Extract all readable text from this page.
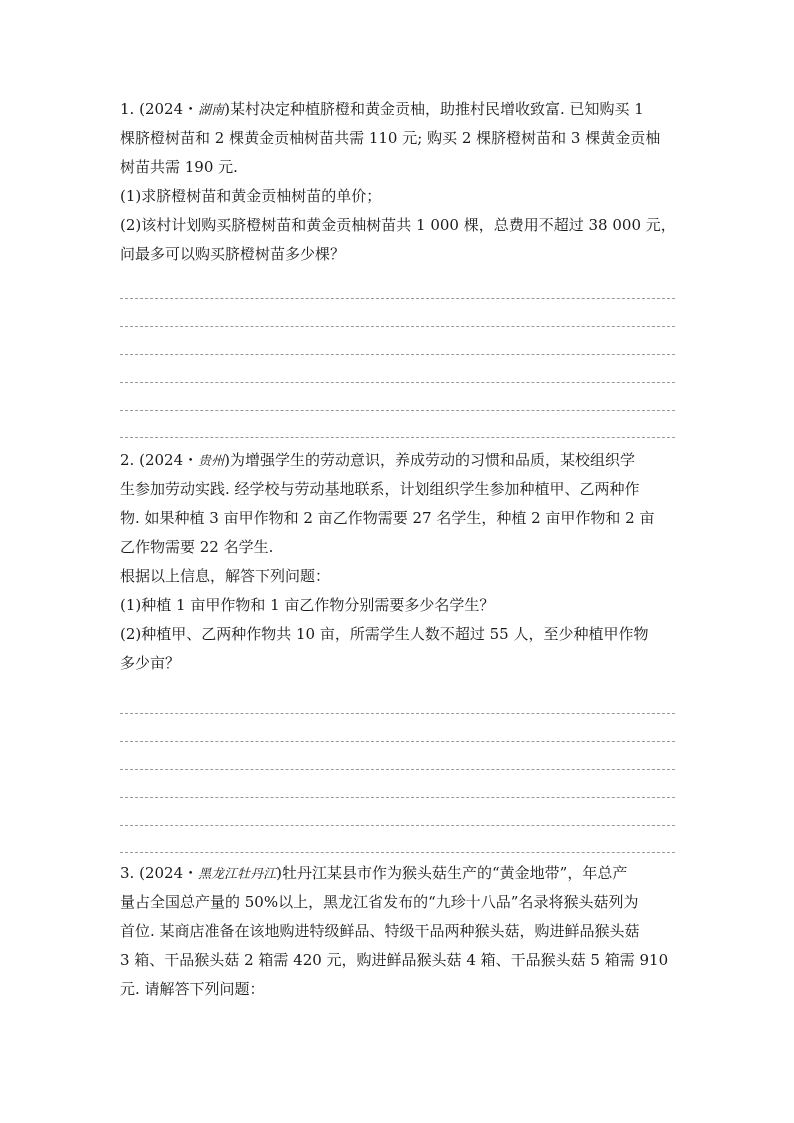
1. (2024・湖南)某村决定种植脐橙和黄金贡柚，助推村民增收致富. 已知购买 1
棵脐橙树苗和 2 棵黄金贡柚树苗共需 110 元; 购买 2 棵脐橙树苗和 3 棵黄金贡柚
树苗共需 190 元.
(1)求脐橙树苗和黄金贡柚树苗的单价；
(2)该村计划购买脐橙树苗和黄金贡柚树苗共 1 000 棵，总费用不超过 38 000 元，
问最多可以购买脐橙树苗多少棵？
2. (2024・贵州)为增强学生的劳动意识，养成劳动的习惯和品质，某校组织学
生参加劳动实践. 经学校与劳动基地联系，计划组织学生参加种植甲、乙两种作
物. 如果种植 3 亩甲作物和 2 亩乙作物需要 27 名学生，种植 2 亩甲作物和 2 亩
乙作物需要 22 名学生.
根据以上信息，解答下列问题：
(1)种植 1 亩甲作物和 1 亩乙作物分别需要多少名学生？
(2)种植甲、乙两种作物共 10 亩，所需学生人数不超过 55 人，至少种植甲作物
多少亩？
3. (2024・黑龙江牡丹江)牡丹江某县市作为猴头菇生产的“黄金地带”，年总产
量占全国总产量的 50%以上，黑龙江省发布的“九珍十八品”名录将猴头菇列为
首位. 某商店准备在该地购进特级鲜品、特级干品两种猴头菇，购进鲜品猴头菇
3 箱、干品猴头菇 2 箱需 420 元，购进鲜品猴头菇 4 箱、干品猴头菇 5 箱需 910
元. 请解答下列问题：
